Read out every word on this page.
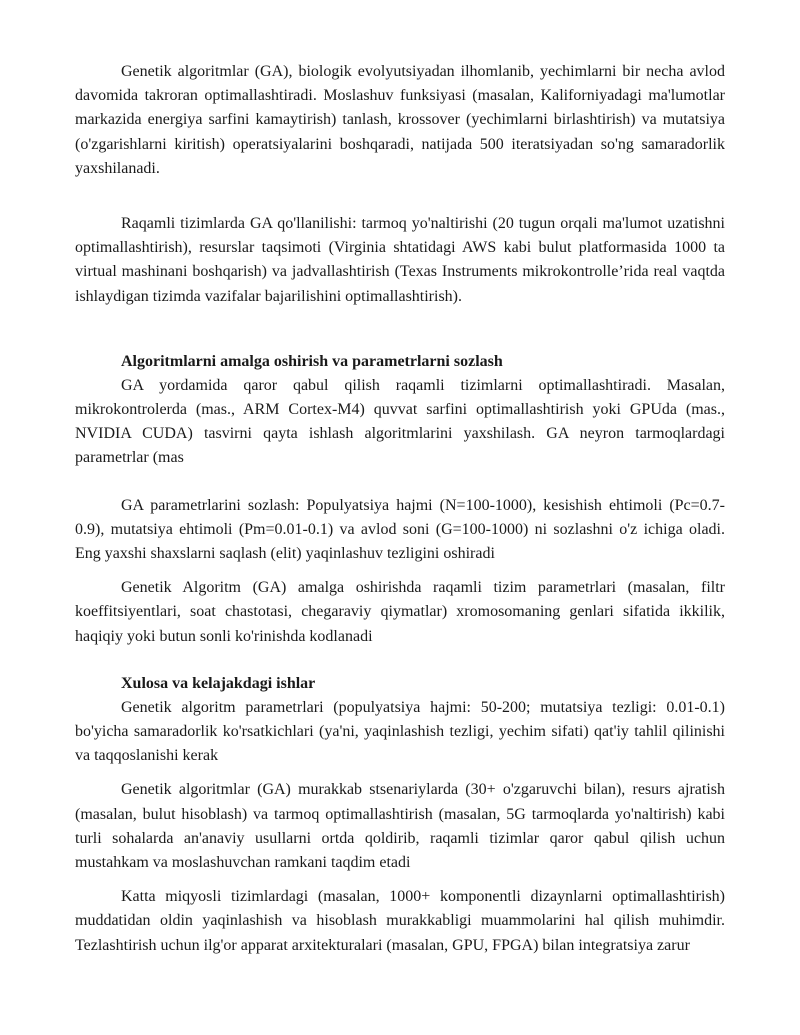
Genetik algoritmlar (GA), biologik evolyutsiyadan ilhomlanib, yechimlarni bir necha avlod davomida takroran optimallashtiradi. Moslashuv funksiyasi (masalan, Kaliforniyadagi ma'lumotlar markazida energiya sarfini kamaytirish) tanlash, krossover (yechimlarni birlashtirish) va mutatsiya (o'zgarishlarni kiritish) operatsiyalarini boshqaradi, natijada 500 iteratsiyadan so'ng samaradorlik yaxshilanadi.

Raqamli tizimlarda GA qo'llanilishi: tarmoq yo'naltirishi (20 tugun orqali ma'lumot uzatishni optimallashtirish), resurslar taqsimoti (Virginia shtatidagi AWS kabi bulut platformasida 1000 ta virtual mashinani boshqarish) va jadvallashtirish (Texas Instruments mikrokontrolle’rida real vaqtda ishlaydigan tizimda vazifalar bajarilishini optimallashtirish).

Algoritmlarni amalga oshirish va parametrlarni sozlash

GA yordamida qaror qabul qilish raqamli tizimlarni optimallashtiradi. Masalan, mikrokontrolerda (mas., ARM Cortex-M4) quvvat sarfini optimallashtirish yoki GPUda (mas., NVIDIA CUDA) tasvirni qayta ishlash algoritmlarini yaxshilash. GA neyron tarmoqlardagi parametrlar (mas

GA parametrlarini sozlash: Populyatsiya hajmi (N=100-1000), kesishish ehtimoli (Pc=0.7-0.9), mutatsiya ehtimoli (Pm=0.01-0.1) va avlod soni (G=100-1000) ni sozlashni o'z ichiga oladi. Eng yaxshi shaxslarni saqlash (elit) yaqinlashuv tezligini oshiradi

Genetik Algoritm (GA) amalga oshirishda raqamli tizim parametrlari (masalan, filtr koeffitsiyentlari, soat chastotasi, chegaraviy qiymatlar) xromosomaning genlari sifatida ikkilik, haqiqiy yoki butun sonli ko'rinishda kodlanadi

Xulosa va kelajakdagi ishlar

Genetik algoritm parametrlari (populyatsiya hajmi: 50-200; mutatsiya tezligi: 0.01-0.1) bo'yicha samaradorlik ko'rsatkichlari (ya'ni, yaqinlashish tezligi, yechim sifati) qat'iy tahlil qilinishi va taqqoslanishi kerak

Genetik algoritmlar (GA) murakkab stsenariylarda (30+ o'zgaruvchi bilan), resurs ajratish (masalan, bulut hisoblash) va tarmoq optimallashtirish (masalan, 5G tarmoqlarda yo'naltirish) kabi turli sohalarda an'anaviy usullarni ortda qoldirib, raqamli tizimlar qaror qabul qilish uchun mustahkam va moslashuvchan ramkani taqdim etadi

Katta miqyosli tizimlardagi (masalan, 1000+ komponentli dizaynlarni optimallashtirish) muddatidan oldin yaqinlashish va hisoblash murakkabligi muammolarini hal qilish muhimdir. Tezlashtirish uchun ilg'or apparat arxitekturalari (masalan, GPU, FPGA) bilan integratsiya zarur
